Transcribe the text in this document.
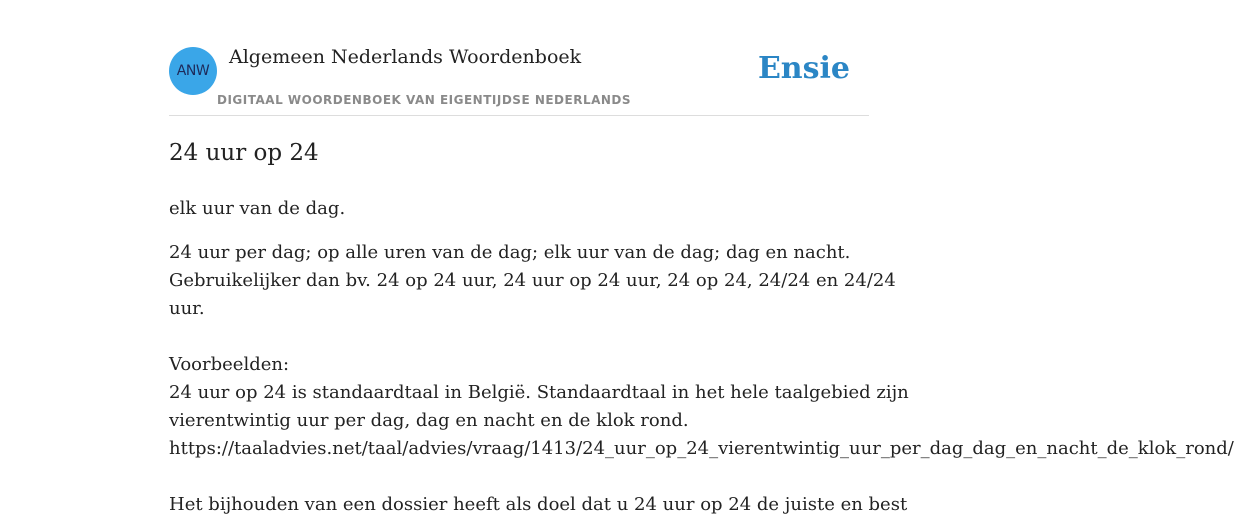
ANW
Algemeen Nederlands Woordenboek
DIGITAAL WOORDENBOEK VAN EIGENTIJDSE NEDERLANDS
Ensie
24 uur op 24
elk uur van de dag.
24 uur per dag; op alle uren van de dag; elk uur van de dag; dag en nacht.
Gebruikelijker dan bv. 24 op 24 uur, 24 uur op 24 uur, 24 op 24, 24/24 en 24/24
uur.
Voorbeelden:
24 uur op 24 is standaardtaal in België. Standaardtaal in het hele taalgebied zijn
vierentwintig uur per dag, dag en nacht en de klok rond.
https://taaladvies.net/taal/advies/vraag/1413/24_uur_op_24_vierentwintig_uur_per_dag_dag_en_nacht_de_klok_rond/
Het bijhouden van een dossier heeft als doel dat u 24 uur op 24 de juiste en best
